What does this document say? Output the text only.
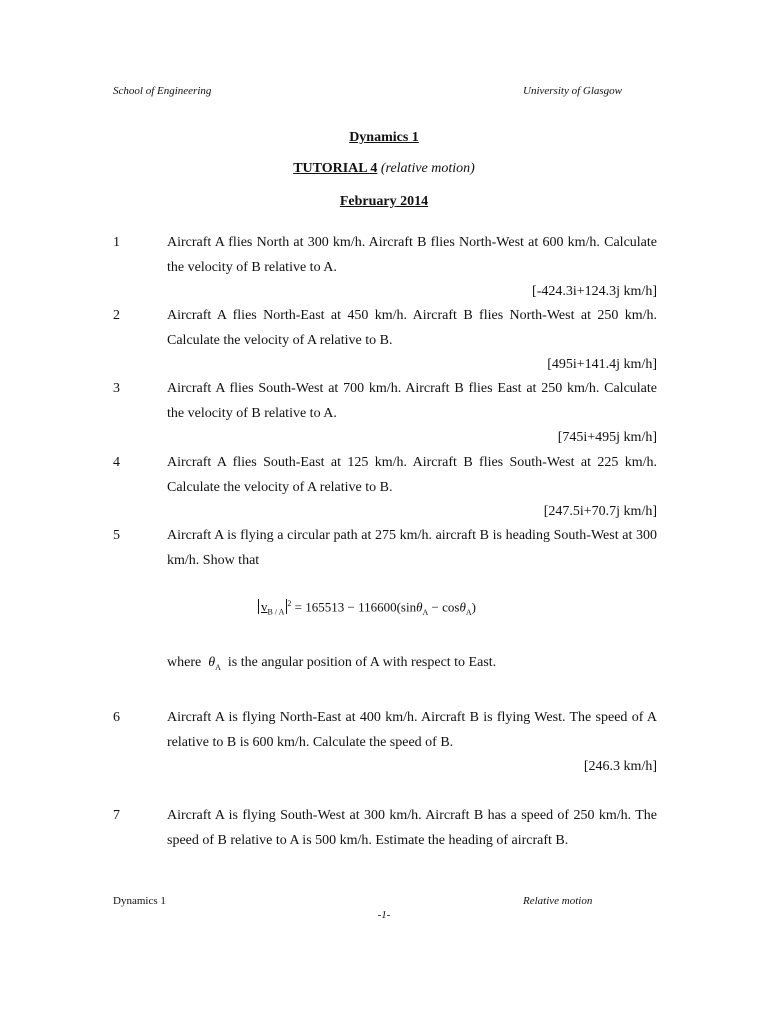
School of Engineering	University of Glasgow
Dynamics 1
TUTORIAL 4 (relative motion)
February 2014
1	Aircraft A flies North at 300 km/h. Aircraft B flies North-West at 600 km/h. Calculate the velocity of B relative to A.
[-424.3i+124.3j km/h]
2	Aircraft A flies North-East at 450 km/h. Aircraft B flies North-West at 250 km/h. Calculate the velocity of A relative to B.
[495i+141.4j km/h]
3	Aircraft A flies South-West at 700 km/h. Aircraft B flies East at 250 km/h. Calculate the velocity of B relative to A.
[745i+495j km/h]
4	Aircraft A flies South-East at 125 km/h. Aircraft B flies South-West at 225 km/h. Calculate the velocity of A relative to B.
[247.5i+70.7j km/h]
5	Aircraft A is flying a circular path at 275 km/h. aircraft B is heading South-West at 300 km/h. Show that
$v_{B / A}^2 = 165513 - 116600(\sin\theta_A - \cos\theta_A)$
where $\theta_A$ is the angular position of A with respect to East.
6	Aircraft A is flying North-East at 400 km/h. Aircraft B is flying West. The speed of A relative to B is 600 km/h. Calculate the speed of B.
[246.3 km/h]
7	Aircraft A is flying South-West at 300 km/h. Aircraft B has a speed of 250 km/h. The speed of B relative to A is 500 km/h. Estimate the heading of aircraft B.
Dynamics 1	Relative motion
-1-
